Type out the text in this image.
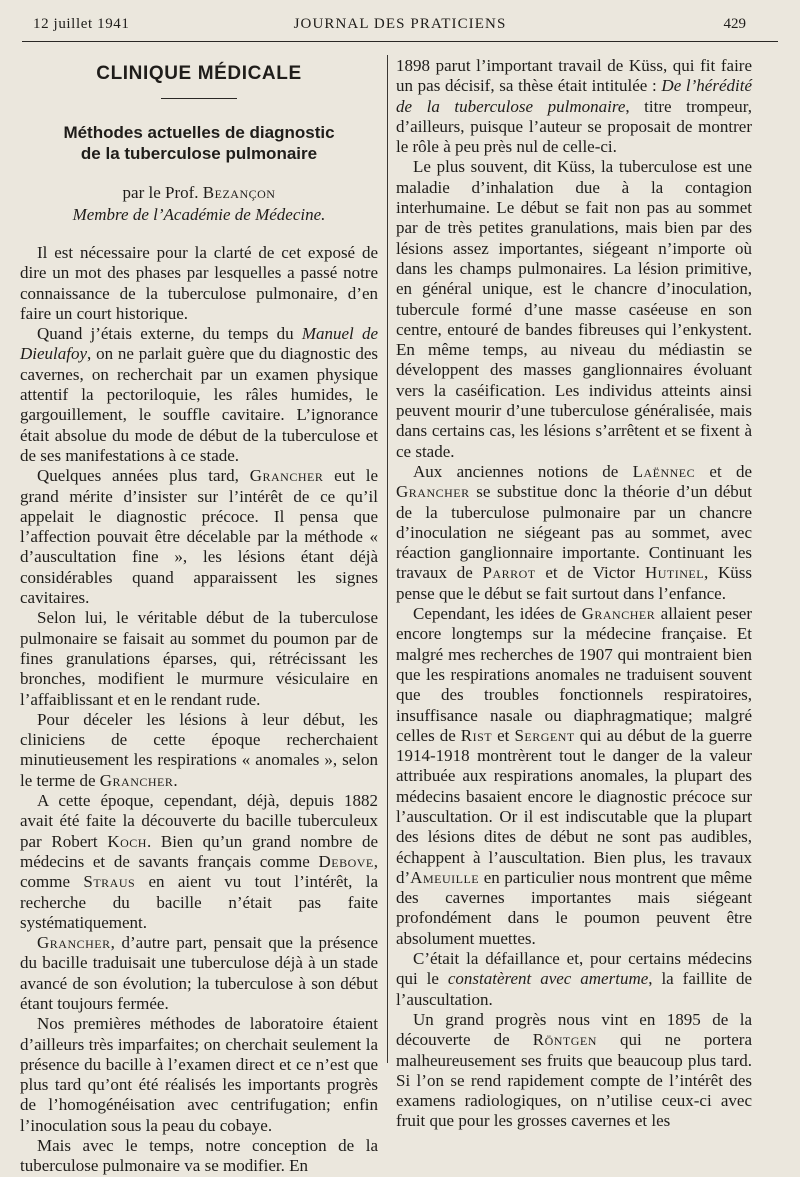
12 juillet 1941	JOURNAL DES PRATICIENS	429
CLINIQUE MÉDICALE
Méthodes actuelles de diagnostic
de la tuberculose pulmonaire
par le Prof. Bezançon
Membre de l’Académie de Médecine.

Il est nécessaire pour la clarté de cet exposé de dire un mot des phases par lesquelles a passé notre connaissance de la tuberculose pulmonaire, d’en faire un court historique.

Quand j’étais externe, du temps du Manuel de Dieulafoy, on ne parlait guère que du diagnostic des cavernes, on recherchait par un examen physique attentif la pectoriloquie, les râles humides, le gargouillement, le souffle cavitaire. L’ignorance était absolue du mode de début de la tuberculose et de ses manifestations à ce stade.

Quelques années plus tard, Grancher eut le grand mérite d’insister sur l’intérêt de ce qu’il appelait le diagnostic précoce. Il pensa que l’affection pouvait être décelable par la méthode « d’auscultation fine », les lésions étant déjà considérables quand apparaissent les signes cavitaires.

Selon lui, le véritable début de la tuberculose pulmonaire se faisait au sommet du poumon par de fines granulations éparses, qui, rétrécissant les bronches, modifient le murmure vésiculaire en l’affaiblissant et en le rendant rude.

Pour déceler les lésions à leur début, les cliniciens de cette époque recherchaient minutieusement les respirations « anomales », selon le terme de Grancher.

A cette époque, cependant, déjà, depuis 1882 avait été faite la découverte du bacille tuberculeux par Robert Koch. Bien qu’un grand nombre de médecins et de savants français comme Debove, comme Straus en aient vu tout l’intérêt, la recherche du bacille n’était pas faite systématiquement.

Grancher, d’autre part, pensait que la présence du bacille traduisait une tuberculose déjà à un stade avancé de son évolution; la tuberculose à son début étant toujours fermée.

Nos premières méthodes de laboratoire étaient d’ailleurs très imparfaites; on cherchait seulement la présence du bacille à l’examen direct et ce n’est que plus tard qu’ont été réalisés les importants progrès de l’homogénéisation avec centrifugation; enfin l’inoculation sous la peau du cobaye.

Mais avec le temps, notre conception de la tuberculose pulmonaire va se modifier. En

1898 parut l’important travail de Küss, qui fit faire un pas décisif, sa thèse était intitulée : De l’hérédité de la tuberculose pulmonaire, titre trompeur, d’ailleurs, puisque l’auteur se proposait de montrer le rôle à peu près nul de celle-ci.

Le plus souvent, dit Küss, la tuberculose est une maladie d’inhalation due à la contagion interhumaine. Le début se fait non pas au sommet par de très petites granulations, mais bien par des lésions assez importantes, siégeant n’importe où dans les champs pulmonaires. La lésion primitive, en général unique, est le chancre d’inoculation, tubercule formé d’une masse caséeuse en son centre, entouré de bandes fibreuses qui l’enkystent. En même temps, au niveau du médiastin se développent des masses ganglionnaires évoluant vers la caséification. Les individus atteints ainsi peuvent mourir d’une tuberculose généralisée, mais dans certains cas, les lésions s’arrêtent et se fixent à ce stade.

Aux anciennes notions de Laënnec et de Grancher se substitue donc la théorie d’un début de la tuberculose pulmonaire par un chancre d’inoculation ne siégeant pas au sommet, avec réaction ganglionnaire importante. Continuant les travaux de Parrot et de Victor Hutinel, Küss pense que le début se fait surtout dans l’enfance.

Cependant, les idées de Grancher allaient peser encore longtemps sur la médecine française. Et malgré mes recherches de 1907 qui montraient bien que les respirations anomales ne traduisent souvent que des troubles fonctionnels respiratoires, insuffisance nasale ou diaphragmatique; malgré celles de Rist et Sergent qui au début de la guerre 1914-1918 montrèrent tout le danger de la valeur attribuée aux respirations anomales, la plupart des médecins basaient encore le diagnostic précoce sur l’auscultation. Or il est indiscutable que la plupart des lésions dites de début ne sont pas audibles, échappent à l’auscultation. Bien plus, les travaux d’Ameuille en particulier nous montrent que même des cavernes importantes mais siégeant profondément dans le poumon peuvent être absolument muettes.

C’était la défaillance et, pour certains médecins qui le constatèrent avec amertume, la faillite de l’auscultation.

Un grand progrès nous vint en 1895 de la découverte de Röntgen qui ne portera malheureusement ses fruits que beaucoup plus tard. Si l’on se rend rapidement compte de l’intérêt des examens radiologiques, on n’utilise ceux-ci avec fruit que pour les grosses cavernes et les
